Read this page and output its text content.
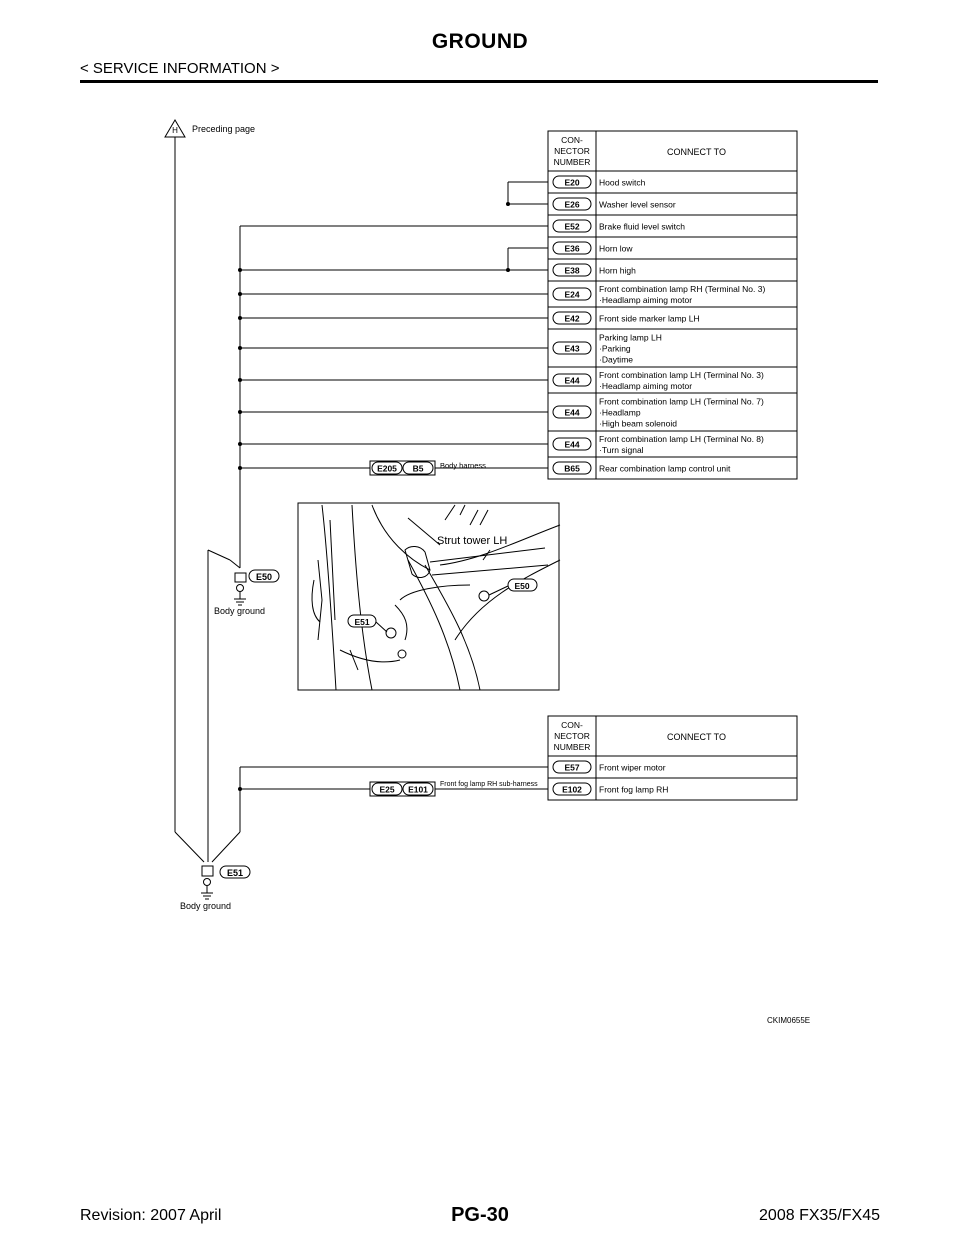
GROUND
< SERVICE INFORMATION >
CON-
NECTOR
NUMBER
CONNECT TO
E20 Hood switch
E26 Washer level sensor
E52 Brake fluid level switch
E36 Horn low
E38 Horn high
E24
Front combination lamp RH (Terminal No. 3)
·Headlamp aiming motor
E42 Front side marker lamp LH
E43
Parking lamp LH
·Parking
·Daytime
E44
Front combination lamp LH (Terminal No. 3)
·Headlamp aiming motor
E44
Front combination lamp LH (Terminal No. 7)
·Headlamp
·High beam solenoid
E44
Front combination lamp LH (Terminal No. 8)
·Turn signal
B65 Rear combination lamp control unit
H Preceding page
E205 B5 Body harness
E50
Body ground
Strut tower LH
E50
E51
CON-
NECTOR
NUMBER
CONNECT TO
E57 Front wiper motor
E102 Front fog lamp RH
E25 E101 Front fog lamp RH sub-harness
E51
Body ground
CKIM0655E
Revision: 2007 April	PG-30	2008 FX35/FX45
